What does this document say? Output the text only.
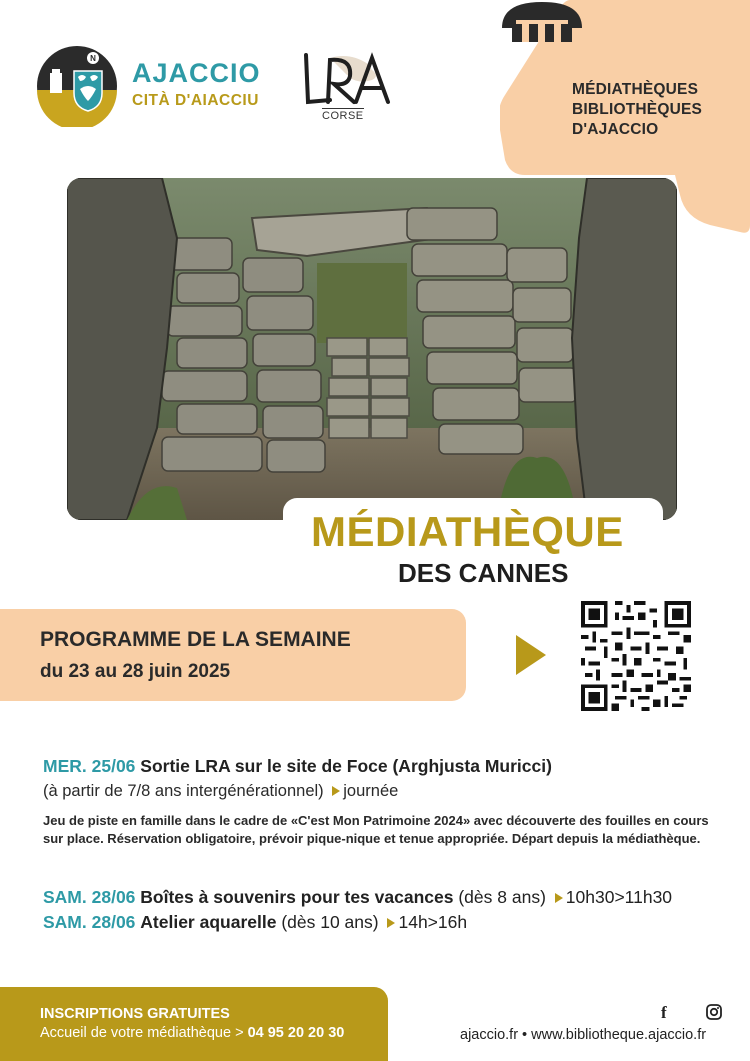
MÉDIATHÈQUES
BIBLIOTHÈQUES
D'AJACCIO
N AJACCIO
CITÀ D'AIACCIU
LRA
CORSE
MÉDIATHÈQUE
DES CANNES
PROGRAMME DE LA SEMAINE
du 23 au 28 juin 2025
MER. 25/06 Sortie LRA sur le site de Foce (Arghjusta Muricci)
(à partir de 7/8 ans intergénérationnel) journée
Jeu de piste en famille dans le cadre de «C'est Mon Patrimoine 2024» avec découverte des fouilles en cours sur place. Réservation obligatoire, prévoir pique-nique et tenue appropriée. Départ depuis la médiathèque.
SAM. 28/06 Boîtes à souvenirs pour tes vacances (dès 8 ans) 10h30>11h30
SAM. 28/06 Atelier aquarelle (dès 10 ans) 14h>16h
INSCRIPTIONS GRATUITES
Accueil de votre médiathèque > 04 95 20 20 30
f
ajaccio.fr • www.bibliotheque.ajaccio.fr
